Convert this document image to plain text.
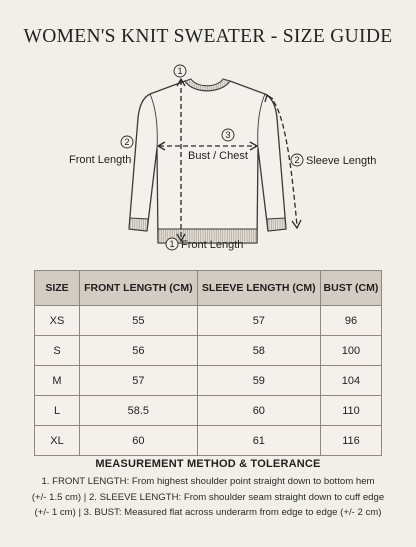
WOMEN'S KNIT SWEATER - SIZE GUIDE
1
2
Front Length
3
Bust / Chest	2 Sleeve Length
1 Front Length
SIZE	FRONT LENGTH (CM)	SLEEVE LENGTH (CM)	BUST (CM)
XS	55	57	96
S	56	58	100
M	57	59	104
L	58.5	60	110
XL	60	61	116
MEASUREMENT METHOD & TOLERANCE
1. FRONT LENGTH: From highest shoulder point straight down to bottom hem
(+/- 1.5 cm) | 2. SLEEVE LENGTH: From shoulder seam straight down to cuff edge
(+/- 1 cm) | 3. BUST: Measured flat across underarm from edge to edge (+/- 2 cm)
